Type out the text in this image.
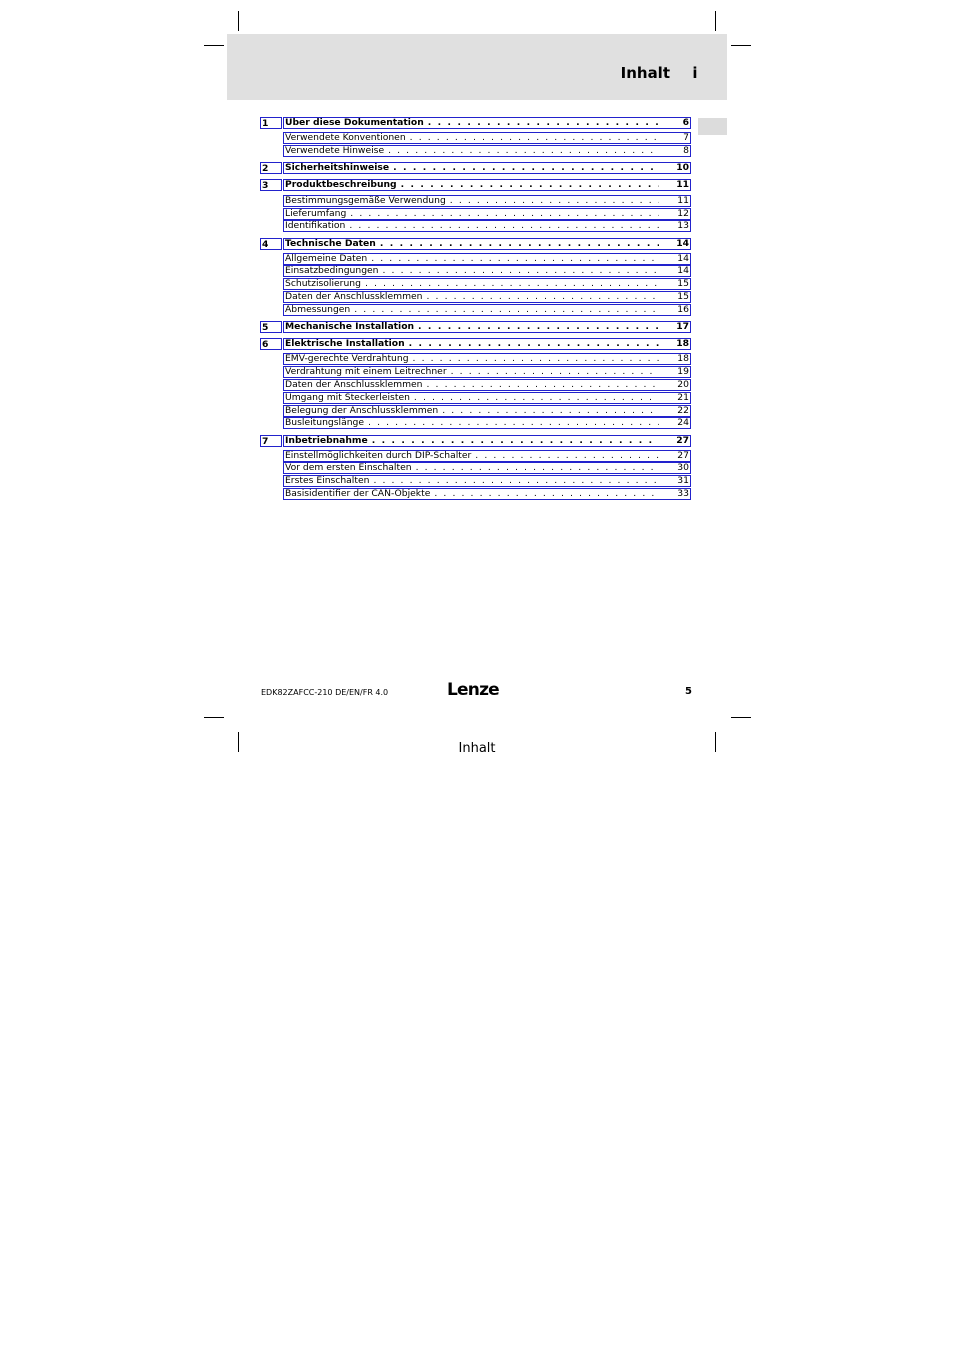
Inhalt i
1	Über diese Dokumentation . . .	6
Verwendete Konventionen . . .	7
Verwendete Hinweise . . .	8
2	Sicherheitshinweise . . .	10
3	Produktbeschreibung . . .	11
Bestimmungsgemäße Verwendung . . .	11
Lieferumfang . . .	12
Identifikation . . .	13
4	Technische Daten . . .	14
Allgemeine Daten . . .	14
Einsatzbedingungen . . .	14
Schutzisolierung . . .	15
Daten der Anschlussklemmen . . .	15
Abmessungen . . .	16
5	Mechanische Installation . . .	17
6	Elektrische Installation . . .	18
EMV-gerechte Verdrahtung . . .	18
Verdrahtung mit einem Leitrechner . . .	19
Daten der Anschlussklemmen . . .	20
Umgang mit Steckerleisten . . .	21
Belegung der Anschlussklemmen . . .	22
Busleitungslänge . . .	24
7	Inbetriebnahme . . .	27
Einstellmöglichkeiten durch DIP-Schalter . . .	27
Vor dem ersten Einschalten . . .	30
Erstes Einschalten . . .	31
Basisidentifier der CAN-Objekte . . .	33
EDK82ZAFCC-210 DE/EN/FR 4.0	Lenze	5
Inhalt
